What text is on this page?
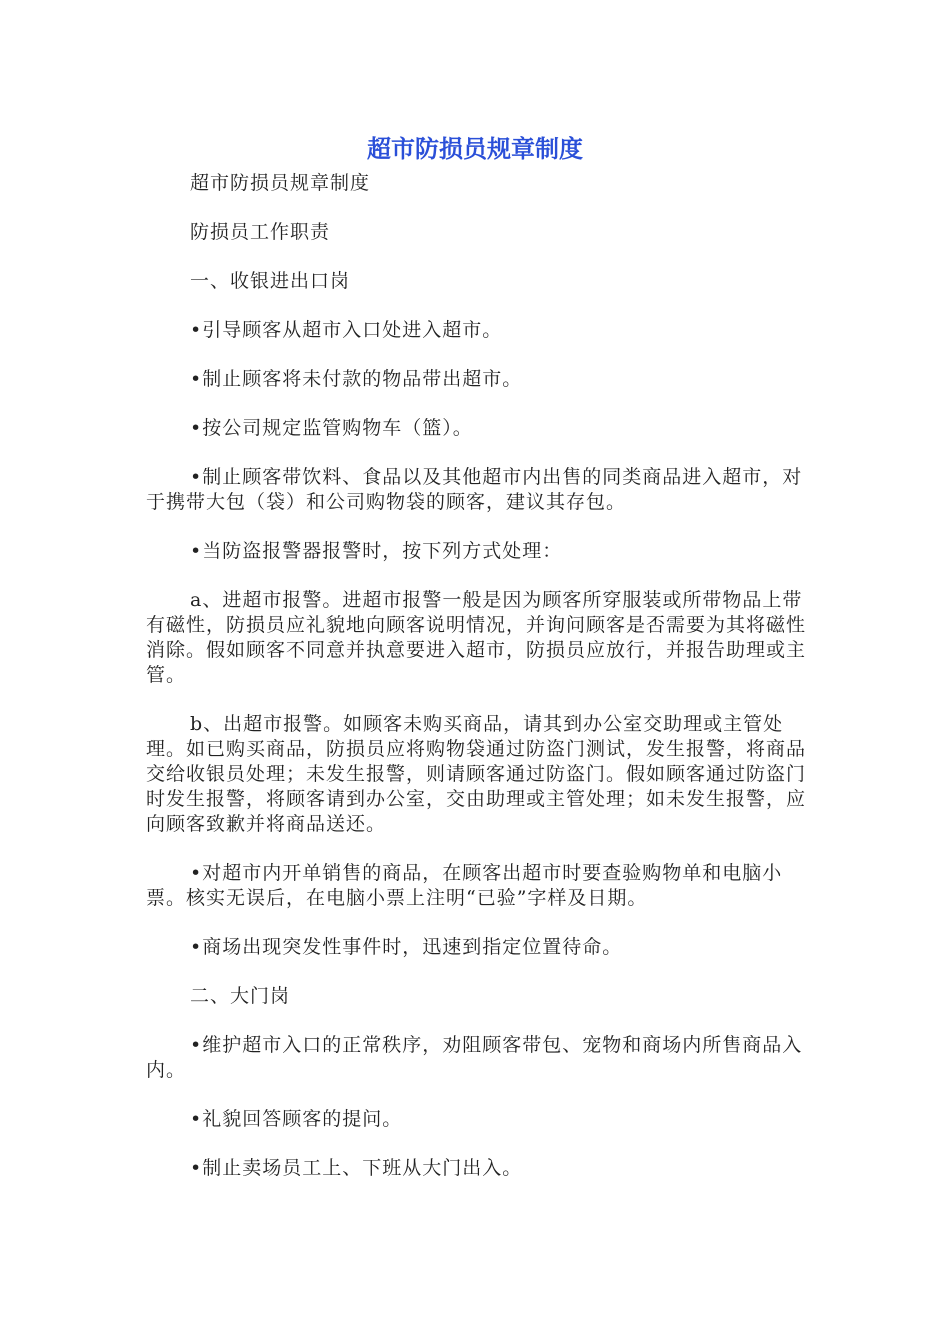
超市防损员规章制度

超市防损员规章制度

防损员工作职责

一、收银进出口岗

•引导顾客从超市入口处进入超市。

•制止顾客将未付款的物品带出超市。

•按公司规定监管购物车（篮）。

•制止顾客带饮料、食品以及其他超市内出售的同类商品进入超市，对于携带大包（袋）和公司购物袋的顾客，建议其存包。

•当防盗报警器报警时，按下列方式处理：

a、进超市报警。进超市报警一般是因为顾客所穿服装或所带物品上带有磁性，防损员应礼貌地向顾客说明情况，并询问顾客是否需要为其将磁性消除。假如顾客不同意并执意要进入超市，防损员应放行，并报告助理或主管。

b、出超市报警。如顾客未购买商品，请其到办公室交助理或主管处理。如已购买商品，防损员应将购物袋通过防盗门测试，发生报警，将商品交给收银员处理；未发生报警，则请顾客通过防盗门。假如顾客通过防盗门时发生报警，将顾客请到办公室，交由助理或主管处理；如未发生报警，应向顾客致歉并将商品送还。

•对超市内开单销售的商品，在顾客出超市时要查验购物单和电脑小票。核实无误后，在电脑小票上注明“已验”字样及日期。

•商场出现突发性事件时，迅速到指定位置待命。

二、大门岗

•维护超市入口的正常秩序，劝阻顾客带包、宠物和商场内所售商品入内。

•礼貌回答顾客的提问。

•制止卖场员工上、下班从大门出入。
